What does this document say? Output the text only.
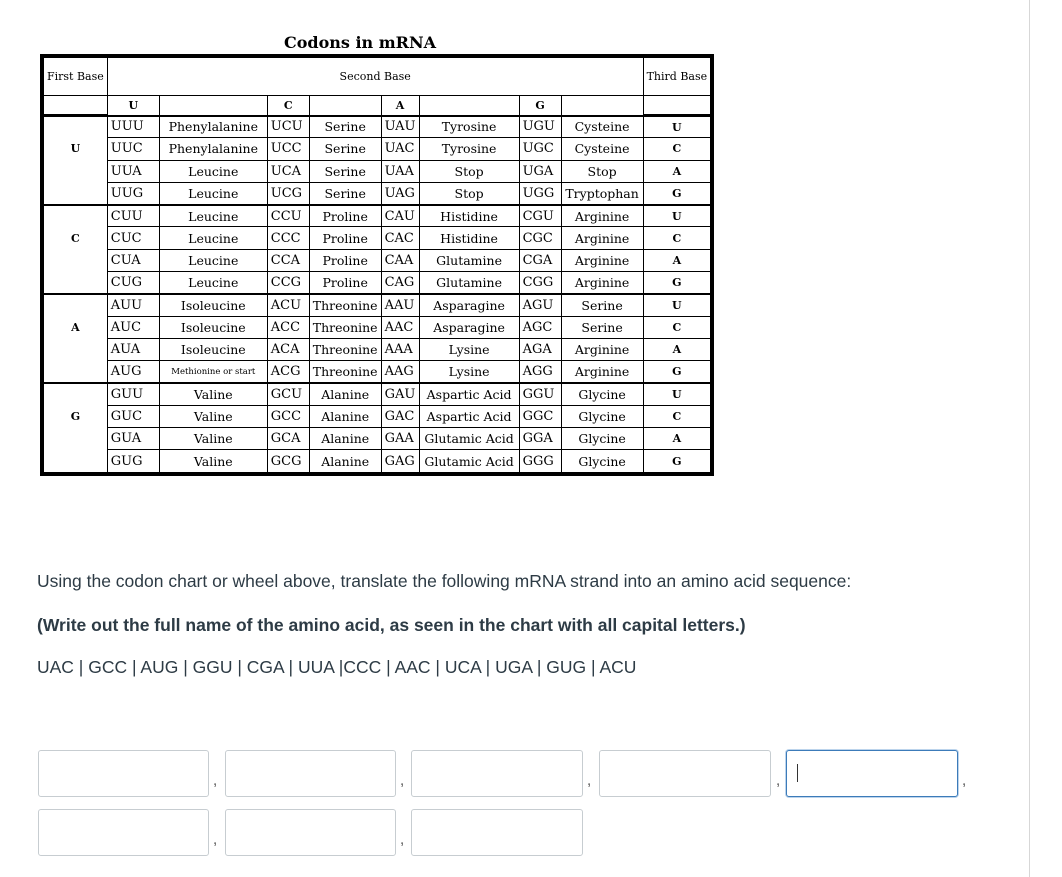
Codons in mRNA
First Base	Second Base								Third Base
	U		C		A		G		
	UUU	Phenylalanine	UCU	Serine	UAU	Tyrosine	UGU	Cysteine	U
U	UUC	Phenylalanine	UCC	Serine	UAC	Tyrosine	UGC	Cysteine	C
	UUA	Leucine	UCA	Serine	UAA	Stop	UGA	Stop	A
	UUG	Leucine	UCG	Serine	UAG	Stop	UGG	Tryptophan	G
	CUU	Leucine	CCU	Proline	CAU	Histidine	CGU	Arginine	U
C	CUC	Leucine	CCC	Proline	CAC	Histidine	CGC	Arginine	C
	CUA	Leucine	CCA	Proline	CAA	Glutamine	CGA	Arginine	A
	CUG	Leucine	CCG	Proline	CAG	Glutamine	CGG	Arginine	G
	AUU	Isoleucine	ACU	Threonine	AAU	Asparagine	AGU	Serine	U
A	AUC	Isoleucine	ACC	Threonine	AAC	Asparagine	AGC	Serine	C
	AUA	Isoleucine	ACA	Threonine	AAA	Lysine	AGA	Arginine	A
	AUG	Methionine or start	ACG	Threonine	AAG	Lysine	AGG	Arginine	G
	GUU	Valine	GCU	Alanine	GAU	Aspartic Acid	GGU	Glycine	U
G	GUC	Valine	GCC	Alanine	GAC	Aspartic Acid	GGC	Glycine	C
	GUA	Valine	GCA	Alanine	GAA	Glutamic Acid	GGA	Glycine	A
	GUG	Valine	GCG	Alanine	GAG	Glutamic Acid	GGG	Glycine	G

Using the codon chart or wheel above, translate the following mRNA strand into an amino acid sequence:

(Write out the full name of the amino acid, as seen in the chart with all capital letters.)

UAC | GCC | AUG | GGU | CGA | UUA |CCC | AAC | UCA | UGA | GUG | ACU

,	,	,	,	,
,	,
